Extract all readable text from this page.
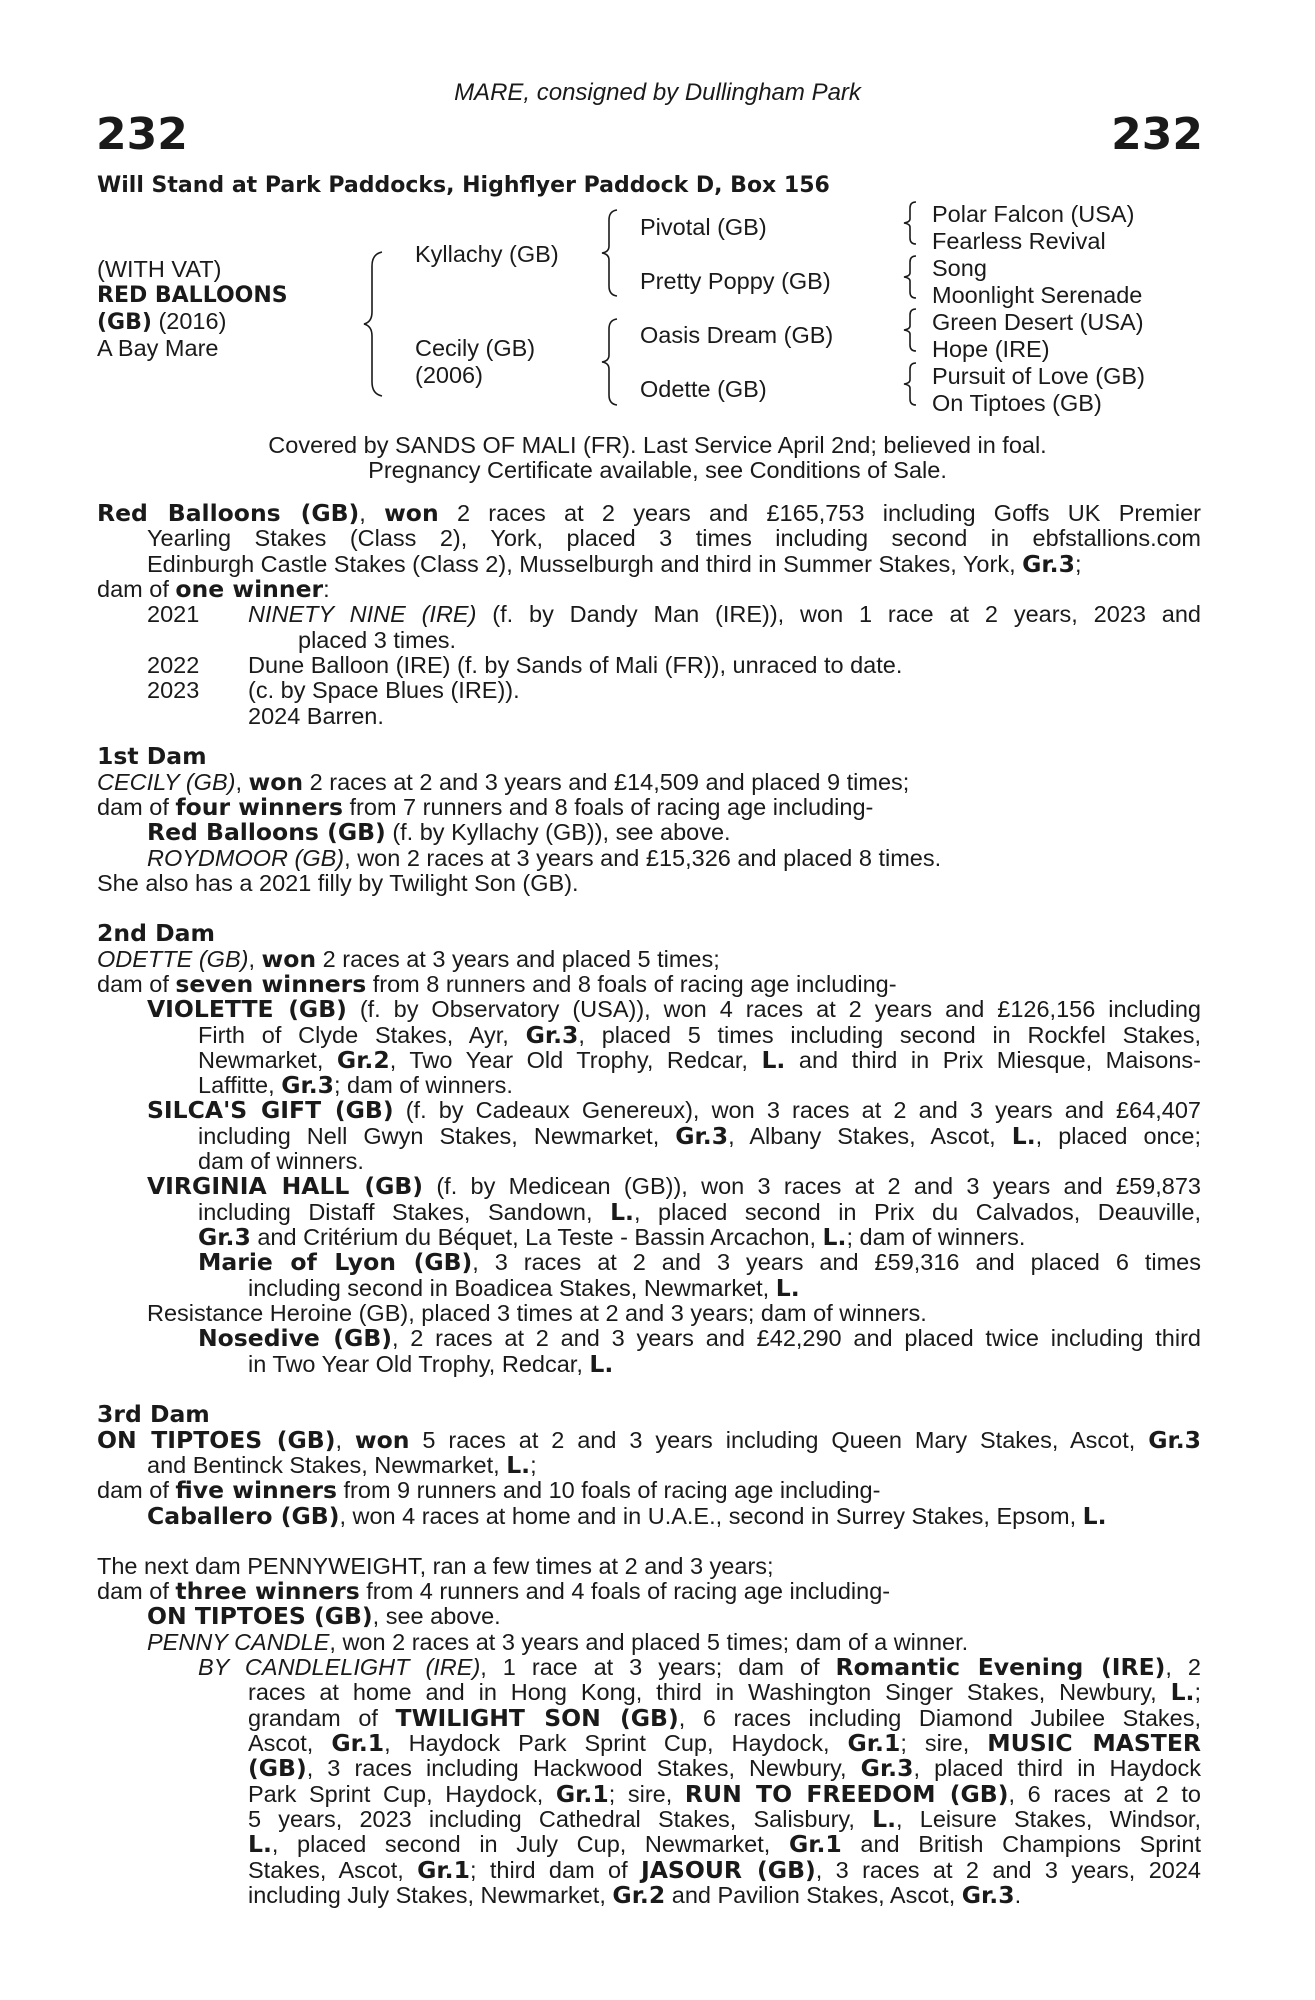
MARE, consigned by Dullingham Park
232	232
Will Stand at Park Paddocks, Highflyer Paddock D, Box 156
(WITH VAT)
RED BALLOONS
(GB) (2016)
A Bay Mare
Kyllachy (GB)
Cecily (GB)
(2006)
Pivotal (GB)
Pretty Poppy (GB)
Oasis Dream (GB)
Odette (GB)
Polar Falcon (USA)
Fearless Revival
Song
Moonlight Serenade
Green Desert (USA)
Hope (IRE)
Pursuit of Love (GB)
On Tiptoes (GB)
Covered by SANDS OF MALI (FR). Last Service April 2nd; believed in foal.
Pregnancy Certificate available, see Conditions of Sale.
Red Balloons (GB), won 2 races at 2 years and £165,753 including Goffs UK Premier
Yearling Stakes (Class 2), York, placed 3 times including second in ebfstallions.com
Edinburgh Castle Stakes (Class 2), Musselburgh and third in Summer Stakes, York, Gr.3;
dam of one winner:
2021 NINETY NINE (IRE) (f. by Dandy Man (IRE)), won 1 race at 2 years, 2023 and
placed 3 times.
2022 Dune Balloon (IRE) (f. by Sands of Mali (FR)), unraced to date.
2023 (c. by Space Blues (IRE)).
2024 Barren.
1st Dam
CECILY (GB), won 2 races at 2 and 3 years and £14,509 and placed 9 times;
dam of four winners from 7 runners and 8 foals of racing age including-
Red Balloons (GB) (f. by Kyllachy (GB)), see above.
ROYDMOOR (GB), won 2 races at 3 years and £15,326 and placed 8 times.
She also has a 2021 filly by Twilight Son (GB).
2nd Dam
ODETTE (GB), won 2 races at 3 years and placed 5 times;
dam of seven winners from 8 runners and 8 foals of racing age including-
VIOLETTE (GB) (f. by Observatory (USA)), won 4 races at 2 years and £126,156 including
Firth of Clyde Stakes, Ayr, Gr.3, placed 5 times including second in Rockfel Stakes,
Newmarket, Gr.2, Two Year Old Trophy, Redcar, L. and third in Prix Miesque, Maisons-
Laffitte, Gr.3; dam of winners.
SILCA'S GIFT (GB) (f. by Cadeaux Genereux), won 3 races at 2 and 3 years and £64,407
including Nell Gwyn Stakes, Newmarket, Gr.3, Albany Stakes, Ascot, L., placed once;
dam of winners.
VIRGINIA HALL (GB) (f. by Medicean (GB)), won 3 races at 2 and 3 years and £59,873
including Distaff Stakes, Sandown, L., placed second in Prix du Calvados, Deauville,
Gr.3 and Critérium du Béquet, La Teste - Bassin Arcachon, L.; dam of winners.
Marie of Lyon (GB), 3 races at 2 and 3 years and £59,316 and placed 6 times
including second in Boadicea Stakes, Newmarket, L.
Resistance Heroine (GB), placed 3 times at 2 and 3 years; dam of winners.
Nosedive (GB), 2 races at 2 and 3 years and £42,290 and placed twice including third
in Two Year Old Trophy, Redcar, L.
3rd Dam
ON TIPTOES (GB), won 5 races at 2 and 3 years including Queen Mary Stakes, Ascot, Gr.3
and Bentinck Stakes, Newmarket, L.;
dam of five winners from 9 runners and 10 foals of racing age including-
Caballero (GB), won 4 races at home and in U.A.E., second in Surrey Stakes, Epsom, L.
The next dam PENNYWEIGHT, ran a few times at 2 and 3 years;
dam of three winners from 4 runners and 4 foals of racing age including-
ON TIPTOES (GB), see above.
PENNY CANDLE, won 2 races at 3 years and placed 5 times; dam of a winner.
BY CANDLELIGHT (IRE), 1 race at 3 years; dam of Romantic Evening (IRE), 2
races at home and in Hong Kong, third in Washington Singer Stakes, Newbury, L.;
grandam of TWILIGHT SON (GB), 6 races including Diamond Jubilee Stakes,
Ascot, Gr.1, Haydock Park Sprint Cup, Haydock, Gr.1; sire, MUSIC MASTER
(GB), 3 races including Hackwood Stakes, Newbury, Gr.3, placed third in Haydock
Park Sprint Cup, Haydock, Gr.1; sire, RUN TO FREEDOM (GB), 6 races at 2 to
5 years, 2023 including Cathedral Stakes, Salisbury, L., Leisure Stakes, Windsor,
L., placed second in July Cup, Newmarket, Gr.1 and British Champions Sprint
Stakes, Ascot, Gr.1; third dam of JASOUR (GB), 3 races at 2 and 3 years, 2024
including July Stakes, Newmarket, Gr.2 and Pavilion Stakes, Ascot, Gr.3.
